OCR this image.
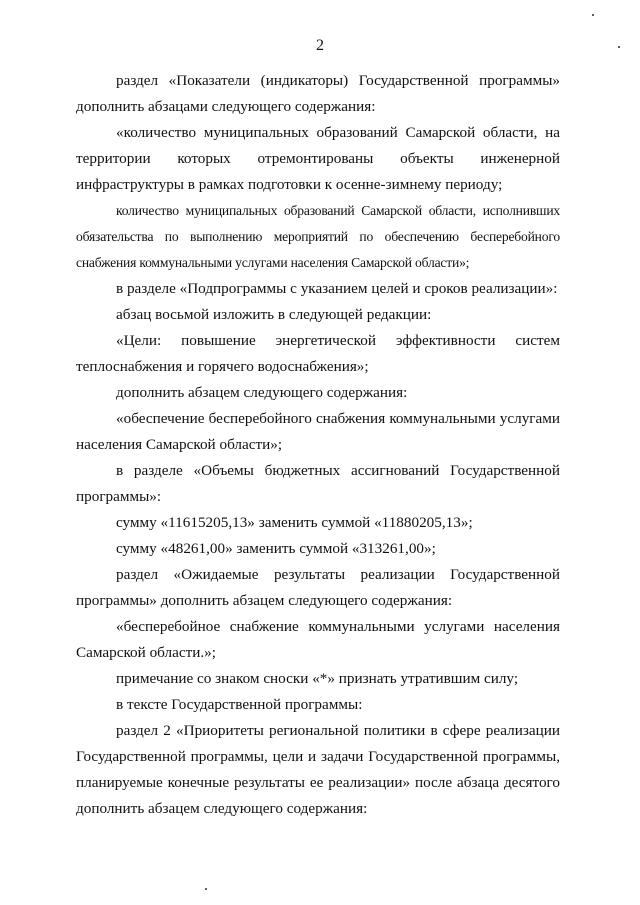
2

раздел «Показатели (индикаторы) Государственной программы» дополнить абзацами следующего содержания:

«количество муниципальных образований Самарской области, на территории которых отремонтированы объекты инженерной инфраструктуры в рамках подготовки к осенне-зимнему периоду;

количество муниципальных образований Самарской области, исполнивших обязательства по выполнению мероприятий по обеспечению бесперебойного снабжения коммунальными услугами населения Самарской области»;

в разделе «Подпрограммы с указанием целей и сроков реализации»:

абзац восьмой изложить в следующей редакции:

«Цели: повышение энергетической эффективности систем теплоснабжения и горячего водоснабжения»;

дополнить абзацем следующего содержания:

«обеспечение бесперебойного снабжения коммунальными услугами населения Самарской области»;

в разделе «Объемы бюджетных ассигнований Государственной программы»:

сумму «11615205,13» заменить суммой «11880205,13»;

сумму «48261,00» заменить суммой «313261,00»;

раздел «Ожидаемые результаты реализации Государственной программы» дополнить абзацем следующего содержания:

«бесперебойное снабжение коммунальными услугами населения Самарской области.»;

примечание со знаком сноски «*» признать утратившим силу;

в тексте Государственной программы:

раздел 2 «Приоритеты региональной политики в сфере реализации Государственной программы, цели и задачи Государственной программы, планируемые конечные результаты ее реализации» после абзаца десятого дополнить абзацем следующего содержания:
